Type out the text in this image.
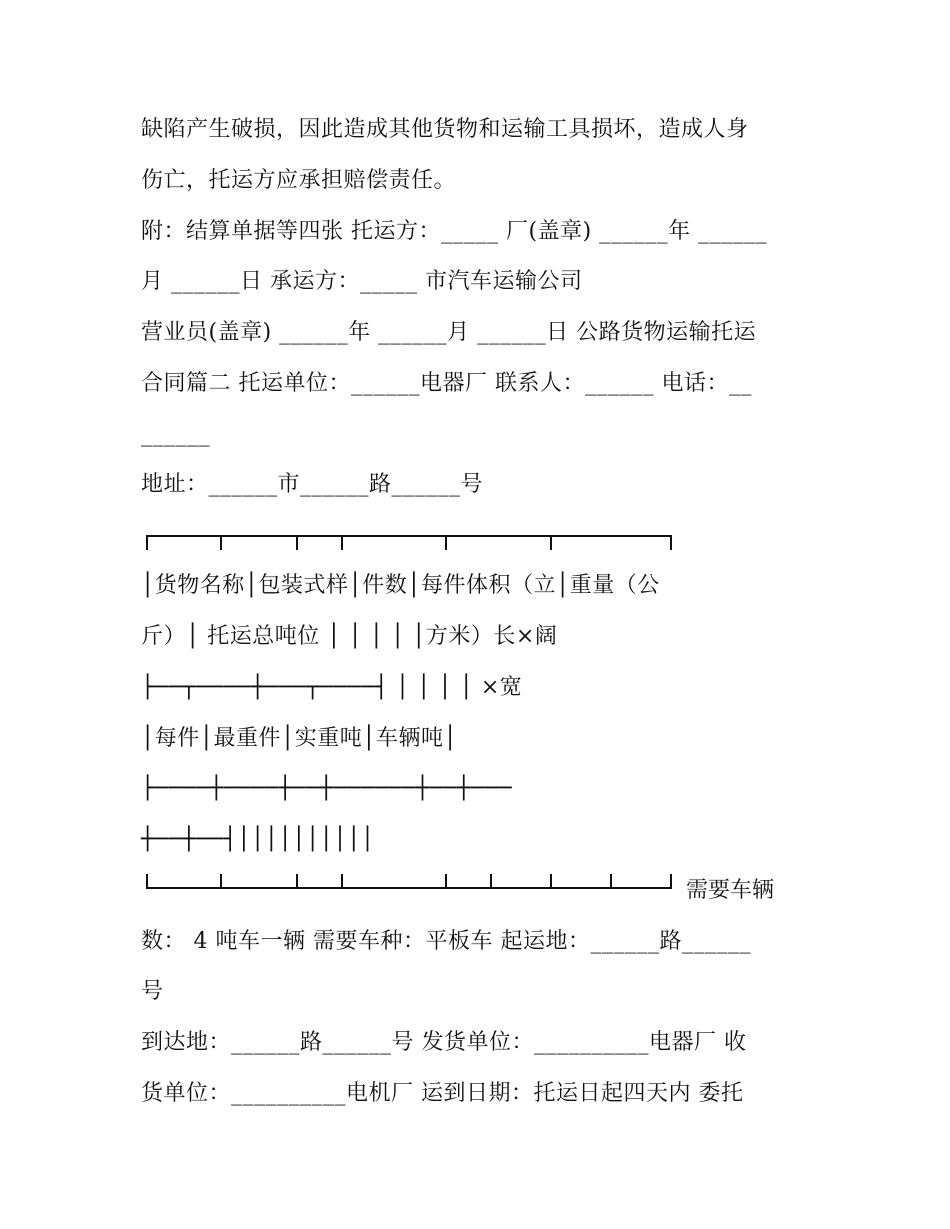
缺陷产生破损，因此造成其他货物和运输工具损坏，造成人身
伤亡，托运方应承担赔偿责任。
附：结算单据等四张 托运方：_____ 厂(盖章) ______年 ______
月 ______日 承运方：_____ 市汽车运输公司
营业员(盖章) ______年 ______月 ______日 公路货物运输托运
合同篇二 托运单位：______电器厂 联系人：______ 电话：__
______
地址：______市______路______号
│货物名称│包装式样│件数│每件体积（立│重量（公
斤）│ 托运总吨位 │ │ │ │ │方米）长×阔
├──┬────┼───┬────┤ │ │ │ │ ×宽
│每件│最重件│实重吨│车辆吨│
├────┼────┼──┼──────┼──┼───
┼──┼──┤││││││││││
需要车辆
数： 4 吨车一辆 需要车种：平板车 起运地：______路______
号
到达地：______路______号 发货单位：__________电器厂 收
货单位：__________电机厂 运到日期：托运日起四天内 委托
